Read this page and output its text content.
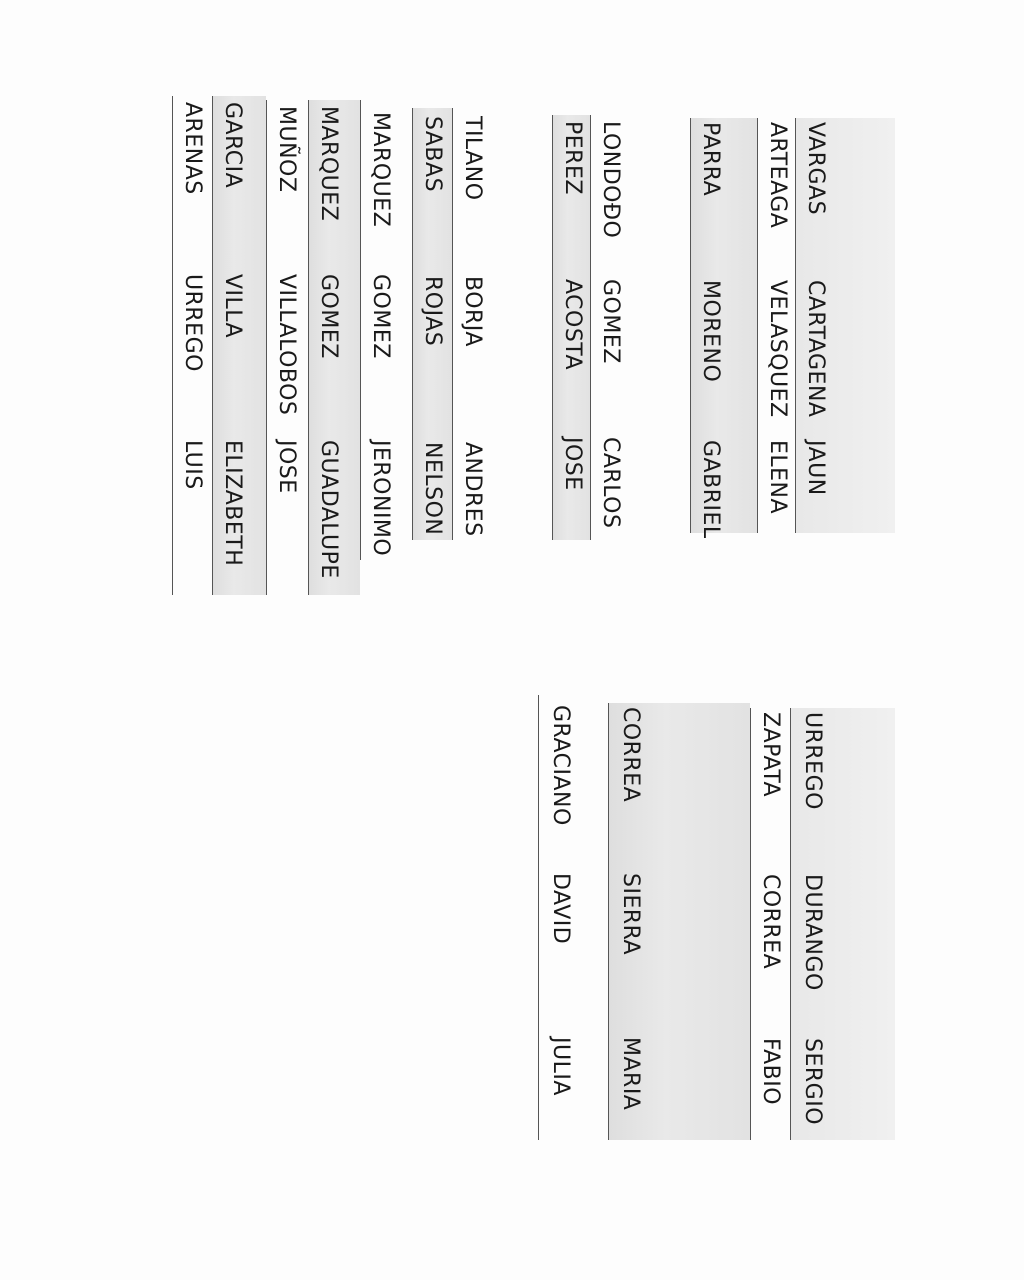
VARGAS
CARTAGENA
JAUN
ARTEAGA
VELASQUEZ
ELENA
PARRA
MORENO
GABRIEL
LONDOÐO
GOMEZ
CARLOS
PEREZ
ACOSTA
JOSE
TILANO
BORJA
ANDRES
SABAS
ROJAS
NELSON
MARQUEZ
GOMEZ
JERONIMO
MARQUEZ
GOMEZ
GUADALUPE
MUÑOZ
VILLALOBOS
JOSE
GARCIA
VILLA
ELIZABETH
ARENAS
URREGO
LUIS
URREGO
DURANGO
SERGIO
ZAPATA
CORREA
FABIO
CORREA
SIERRA
MARIA
GRACIANO
DAVID
JULIA
